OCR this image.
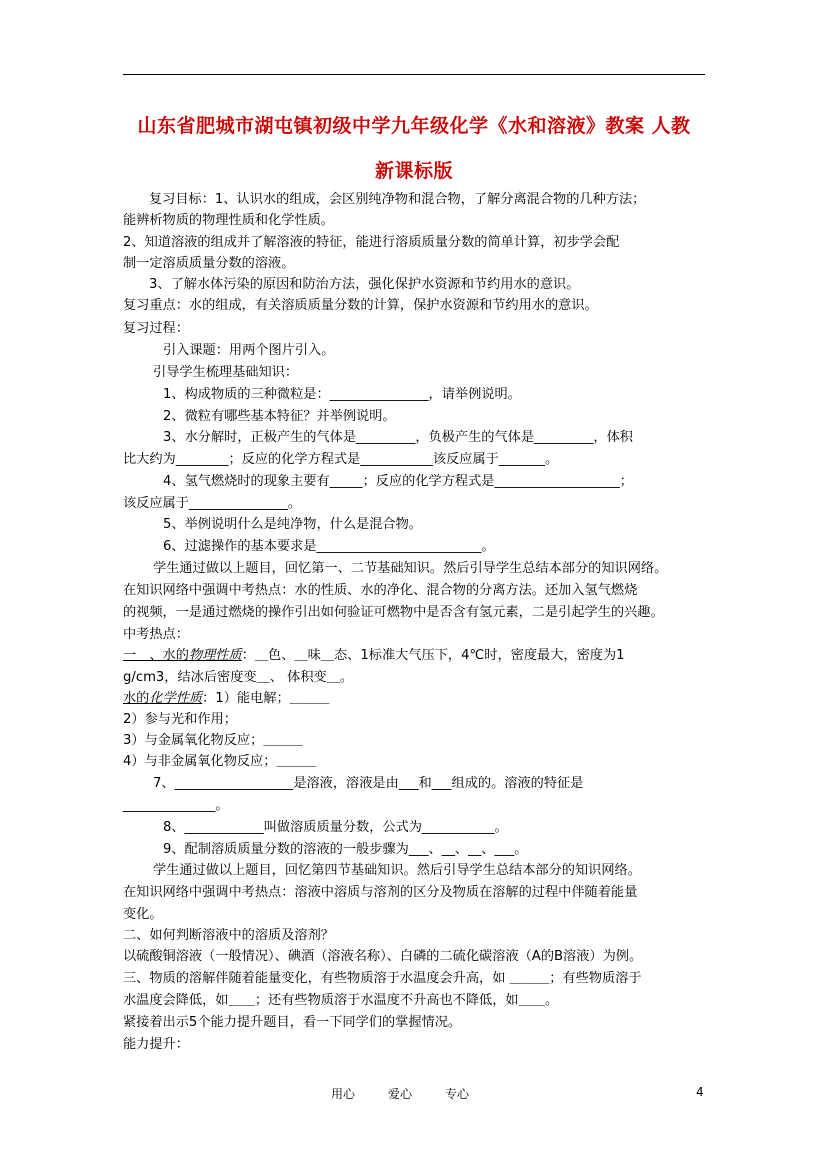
山东省肥城市湖屯镇初级中学九年级化学《水和溶液》教案 人教
新课标版
复习目标：1、认识水的组成，会区别纯净物和混合物，了解分离混合物的几种方法；
能辨析物质的物理性质和化学性质。
2、知道溶液的组成并了解溶液的特征，能进行溶质质量分数的简单计算，初步学会配
制一定溶质质量分数的溶液。
3、了解水体污染的原因和防治方法，强化保护水资源和节约用水的意识。
复习重点：水的组成，有关溶质质量分数的计算，保护水资源和节约用水的意识。
复习过程：
引入课题：用两个图片引入。
引导学生梳理基础知识：
1、构成物质的三种微粒是：_______________，请举例说明。
2、微粒有哪些基本特征？并举例说明。
3、水分解时，正极产生的气体是_________，负极产生的气体是_________，体积
比大约为________；反应的化学方程式是___________该反应属于_______。
4、氢气燃烧时的现象主要有_____；反应的化学方程式是___________________；
该反应属于_______________。
5、举例说明什么是纯净物，什么是混合物。
6、过滤操作的基本要求是_________________________。
学生通过做以上题目，回忆第一、二节基础知识。然后引导学生总结本部分的知识网络。
在知识网络中强调中考热点：水的性质、水的净化、混合物的分离方法。还加入氢气燃烧
的视频，一是通过燃烧的操作引出如何验证可燃物中是否含有氢元素，二是引起学生的兴趣。
中考热点：
一　、水的物理性质：＿色、＿味＿态、1标准大气压下，4℃时，密度最大，密度为1
g/cm3，结冰后密度变＿、 体积变＿。
水的化学性质：1）能电解；＿＿＿
2）参与光和作用；
3）与金属氧化物反应；＿＿＿
4）与非金属氧化物反应；＿＿＿
7、__________________是溶液，溶液是由___和___组成的。溶液的特征是
______________。
8、____________叫做溶质质量分数，公式为___________。
9、配制溶质质量分数的溶液的一般步骤为___、__、__、___。
学生通过做以上题目，回忆第四节基础知识。然后引导学生总结本部分的知识网络。
在知识网络中强调中考热点：溶液中溶质与溶剂的区分及物质在溶解的过程中伴随着能量
变化。
二、如何判断溶液中的溶质及溶剂？
以硫酸铜溶液（一般情况）、碘酒（溶液名称）、白磷的二硫化碳溶液（A的B溶液）为例。
三、物质的溶解伴随着能量变化，有些物质溶于水温度会升高，如 ＿＿＿；有些物质溶于
水温度会降低，如＿＿；还有些物质溶于水温度不升高也不降低，如＿＿。
紧接着出示5个能力提升题目，看一下同学们的掌握情况。
能力提升：
用心	爱心	专心	4
